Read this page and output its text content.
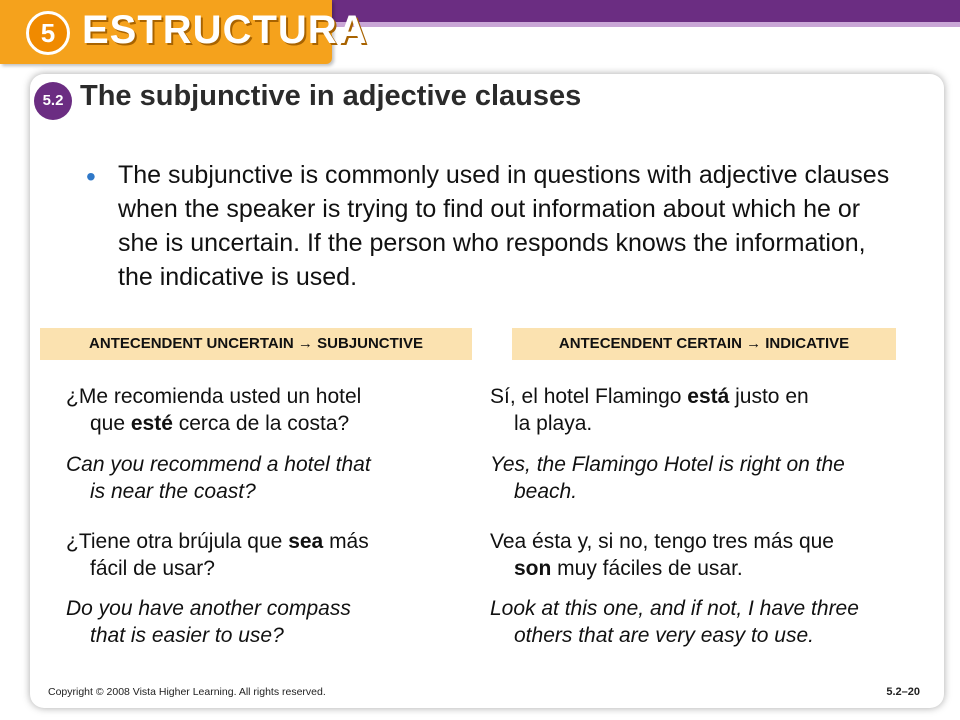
5 ESTRUCTURA
5.2 The subjunctive in adjective clauses
• The subjunctive is commonly used in questions with adjective clauses when the speaker is trying to find out information about which he or she is uncertain. If the person who responds knows the information, the indicative is used.

ANTECENDENT UNCERTAIN → SUBJUNCTIVE	ANTECENDENT CERTAIN → INDICATIVE

¿Me recomienda usted un hotel
que esté cerca de la costa?

Can you recommend a hotel that
is near the coast?

Sí, el hotel Flamingo está justo en
la playa.

Yes, the Flamingo Hotel is right on the
beach.

¿Tiene otra brújula que sea más
fácil de usar?

Do you have another compass
that is easier to use?

Vea ésta y, si no, tengo tres más que
son muy fáciles de usar.

Look at this one, and if not, I have three
others that are very easy to use.

Copyright © 2008 Vista Higher Learning. All rights reserved.	5.2–20
